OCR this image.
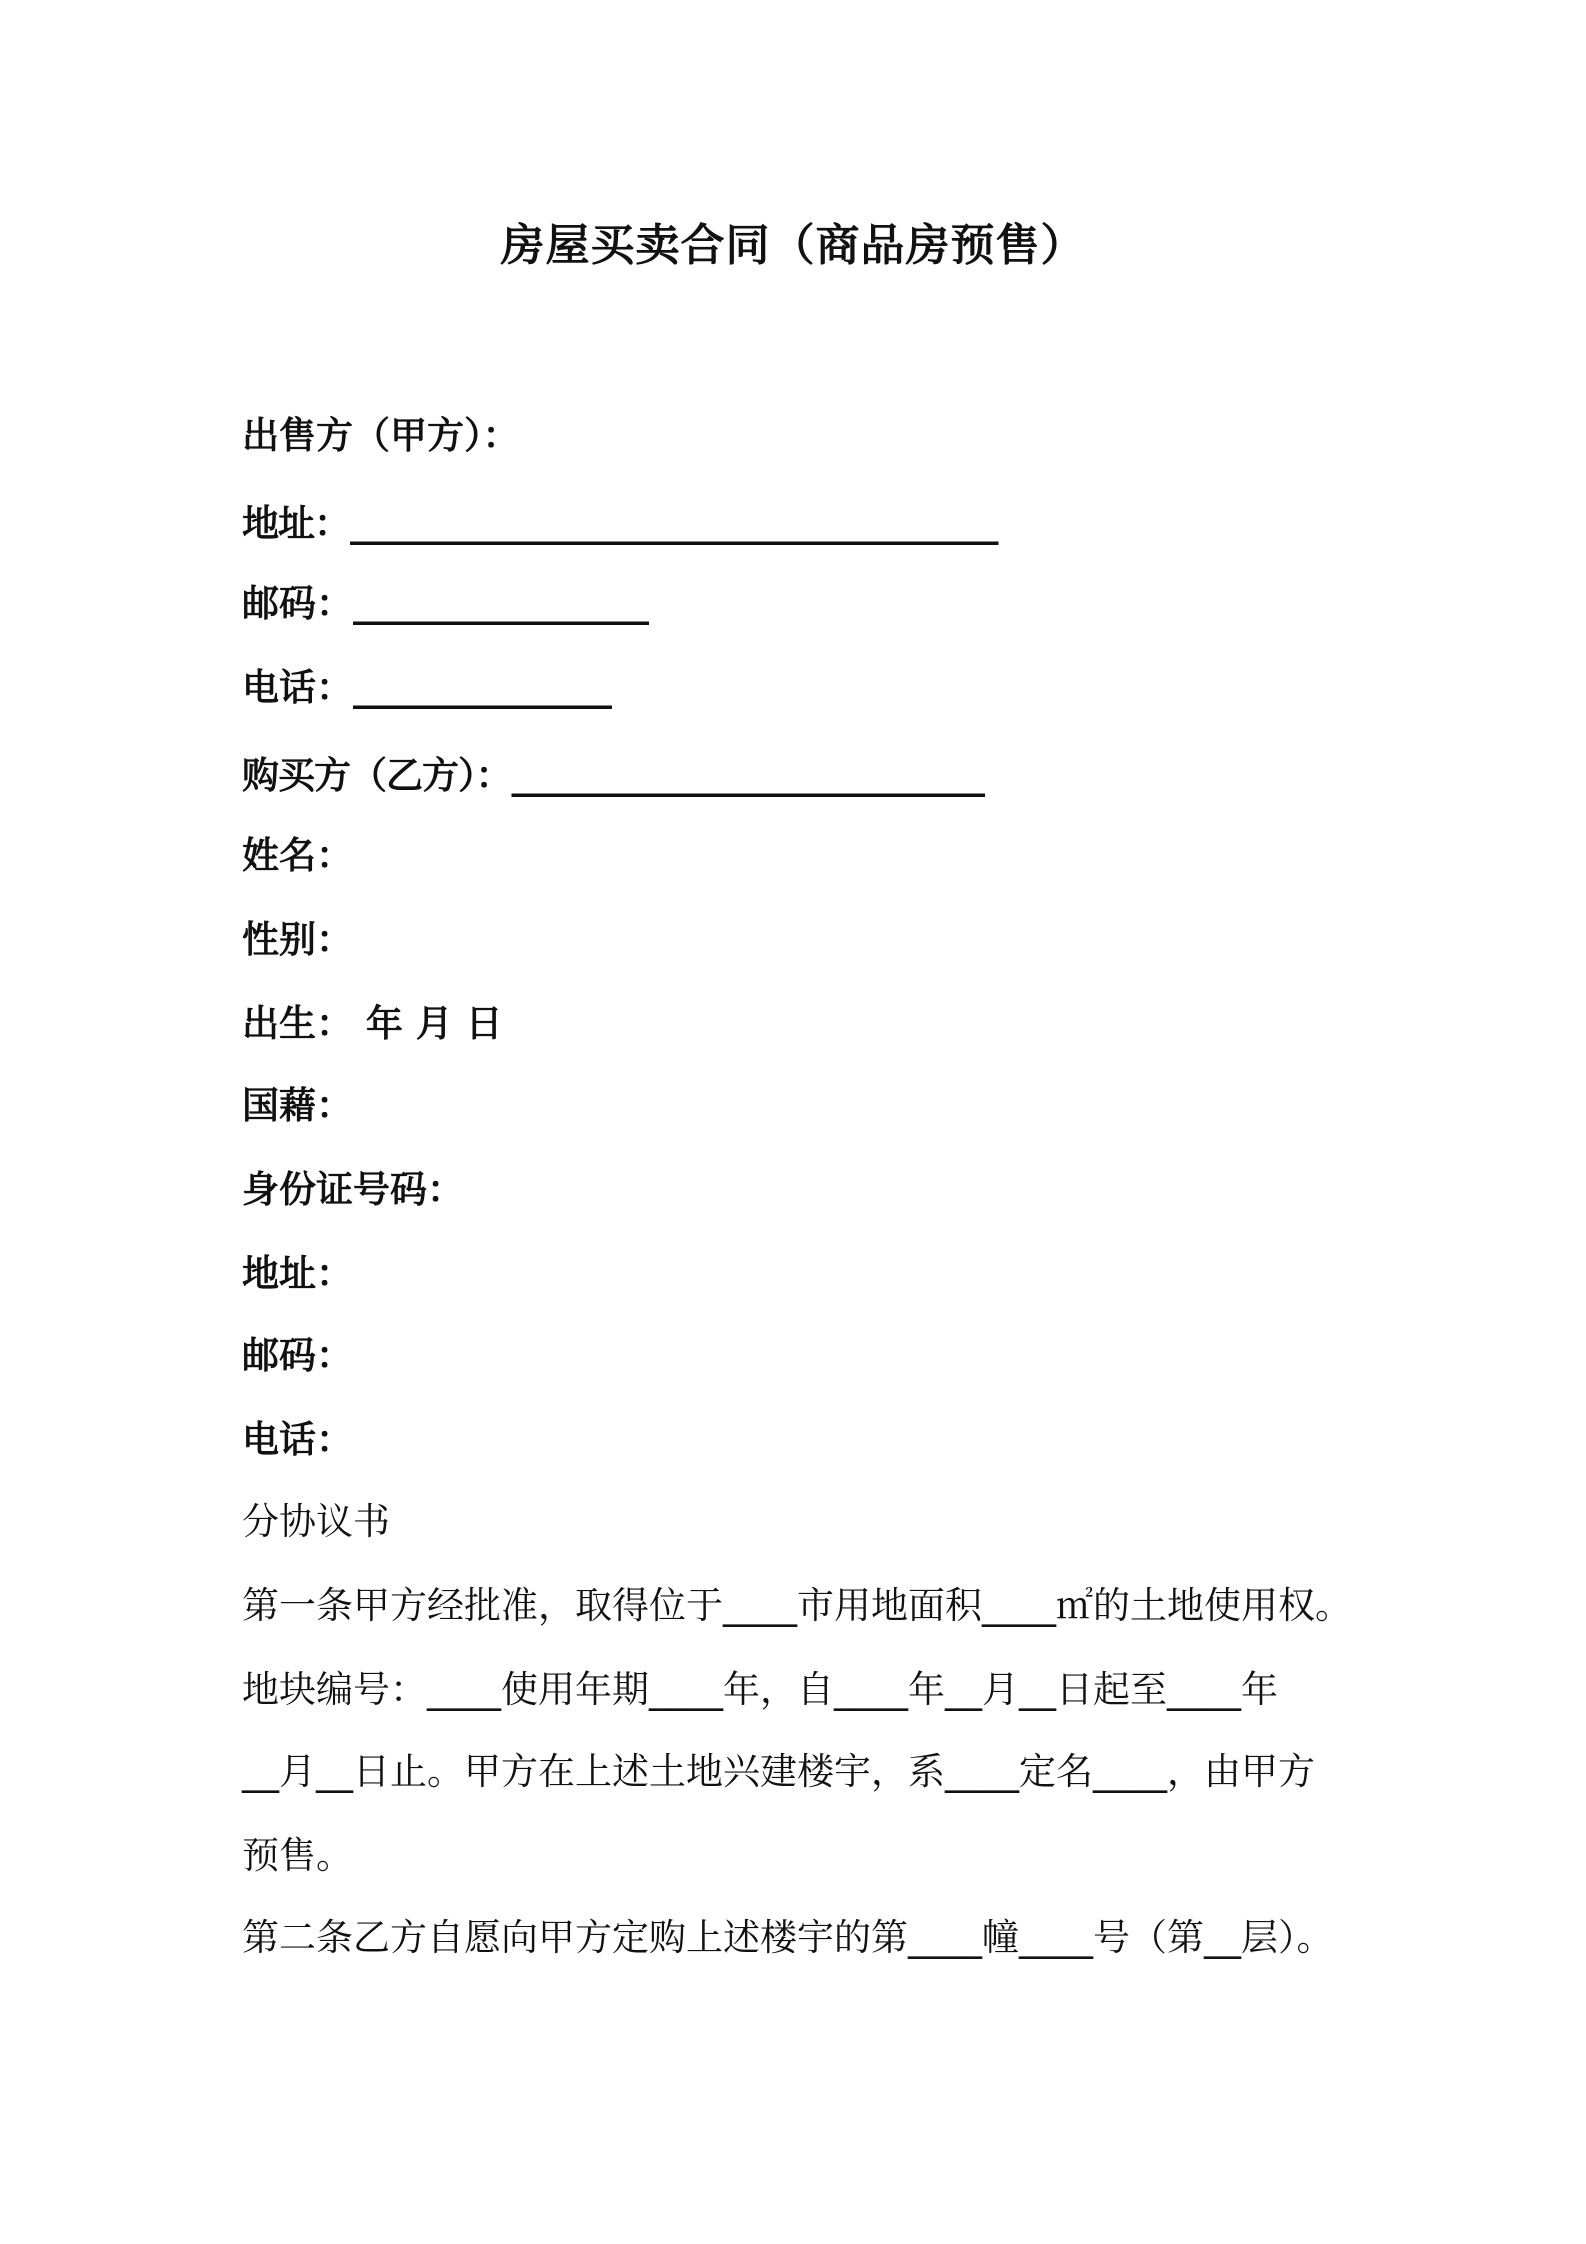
房屋买卖合同（商品房预售）
出售方（甲方）：
地址：_____________________________________
邮码：________________
电话：______________
购买方（乙方）：___________________________
姓名：
性别：
出生： 年 月 日
国藉：
身份证号码：
地址：
邮码：
电话：
分协议书
第一条甲方经批准，取得位于____市用地面积____㎡的土地使用权。
地块编号：____使用年期____年，自____年__月__日起至____年
__月__日止。甲方在上述土地兴建楼宇，系____定名____，由甲方
预售。
第二条乙方自愿向甲方定购上述楼宇的第____幢____号（第__层）。
